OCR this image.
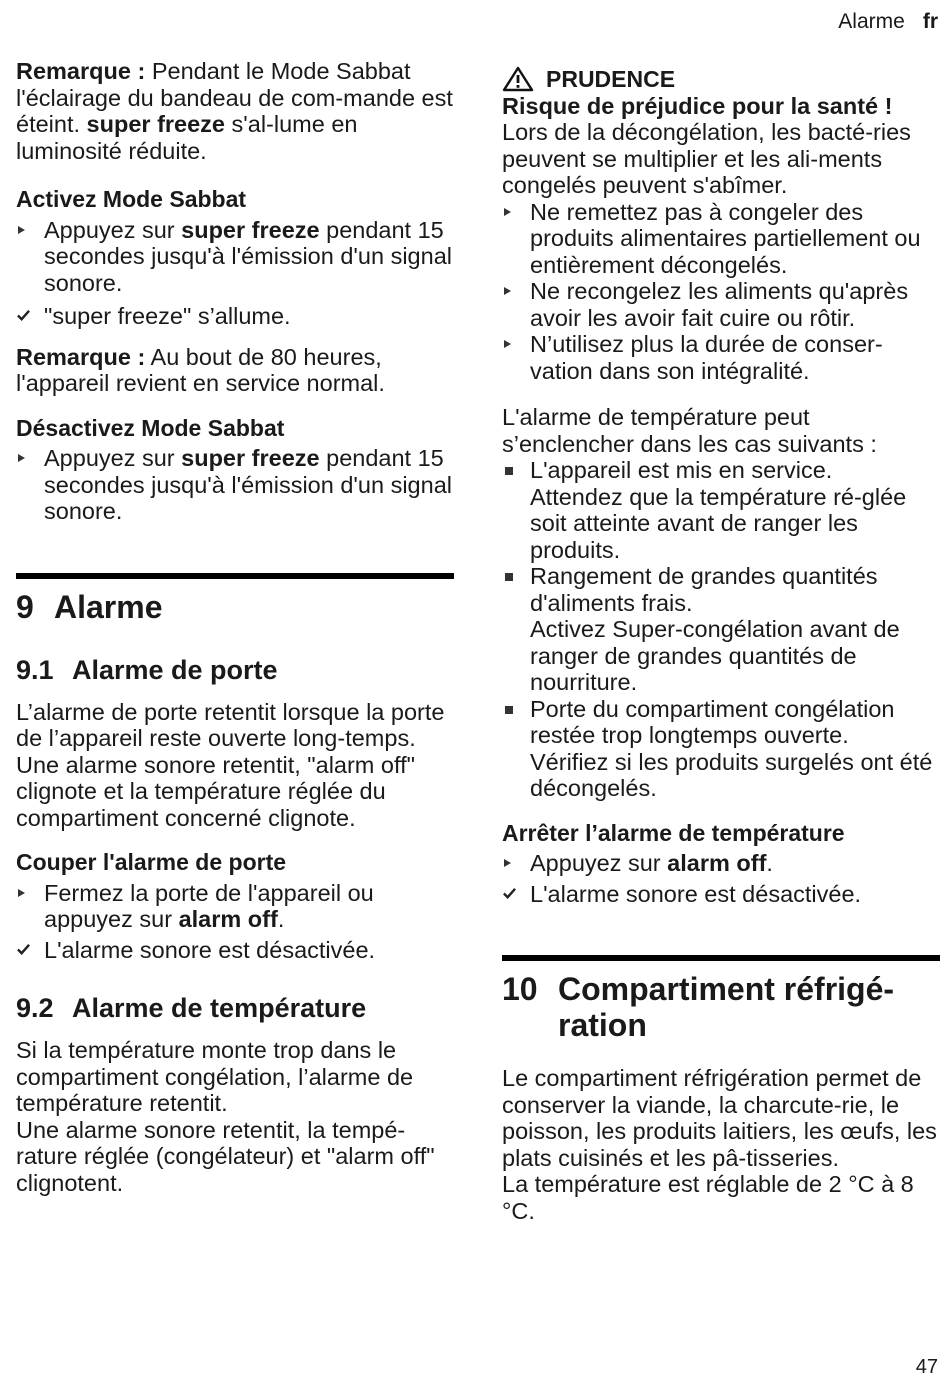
Alarme fr

Remarque : Pendant le Mode Sabbat l'éclairage du bandeau de com-mande est éteint. super freeze s'al-lume en luminosité réduite.

Activez Mode Sabbat
Appuyez sur super freeze pendant 15 secondes jusqu'à l'émission d'un signal sonore.
"super freeze" s’allume.

Remarque : Au bout de 80 heures, l'appareil revient en service normal.

Désactivez Mode Sabbat
Appuyez sur super freeze pendant 15 secondes jusqu'à l'émission d'un signal sonore.
9 Alarme
9.1 Alarme de porte

L’alarme de porte retentit lorsque la porte de l’appareil reste ouverte long-temps.

Une alarme sonore retentit, "alarm off" clignote et la température réglée du compartiment concerné clignote.

Couper l'alarme de porte
Fermez la porte de l'appareil ou appuyez sur alarm off.
L'alarme sonore est désactivée.
9.2 Alarme de température

Si la température monte trop dans le compartiment congélation, l’alarme de température retentit.

Une alarme sonore retentit, la tempé-rature réglée (congélateur) et "alarm off" clignotent.

PRUDENCE

Risque de préjudice pour la santé !

Lors de la décongélation, les bacté-ries peuvent se multiplier et les ali-ments congelés peuvent s'abîmer.

Ne remettez pas à congeler des produits alimentaires partiellement ou entièrement décongelés.
Ne recongelez les aliments qu'après avoir les avoir fait cuire ou rôtir.
N’utilisez plus la durée de conser-vation dans son intégralité.

L'alarme de température peut s’enclencher dans les cas suivants :

L'appareil est mis en service.
Attendez que la température ré-glée soit atteinte avant de ranger les produits.
Rangement de grandes quantités d'aliments frais.
Activez Super-congélation avant de ranger de grandes quantités de nourriture.
Porte du compartiment congélation restée trop longtemps ouverte.
Vérifiez si les produits surgelés ont été décongelés.
Arrêter l’alarme de température
Appuyez sur alarm off.
L'alarme sonore est désactivée.
10 Compartiment réfrigé-ration

Le compartiment réfrigération permet de conserver la viande, la charcute-rie, le poisson, les produits laitiers, les œufs, les plats cuisinés et les pâ-tisseries.

La température est réglable de 2 °C à 8 °C.

47
